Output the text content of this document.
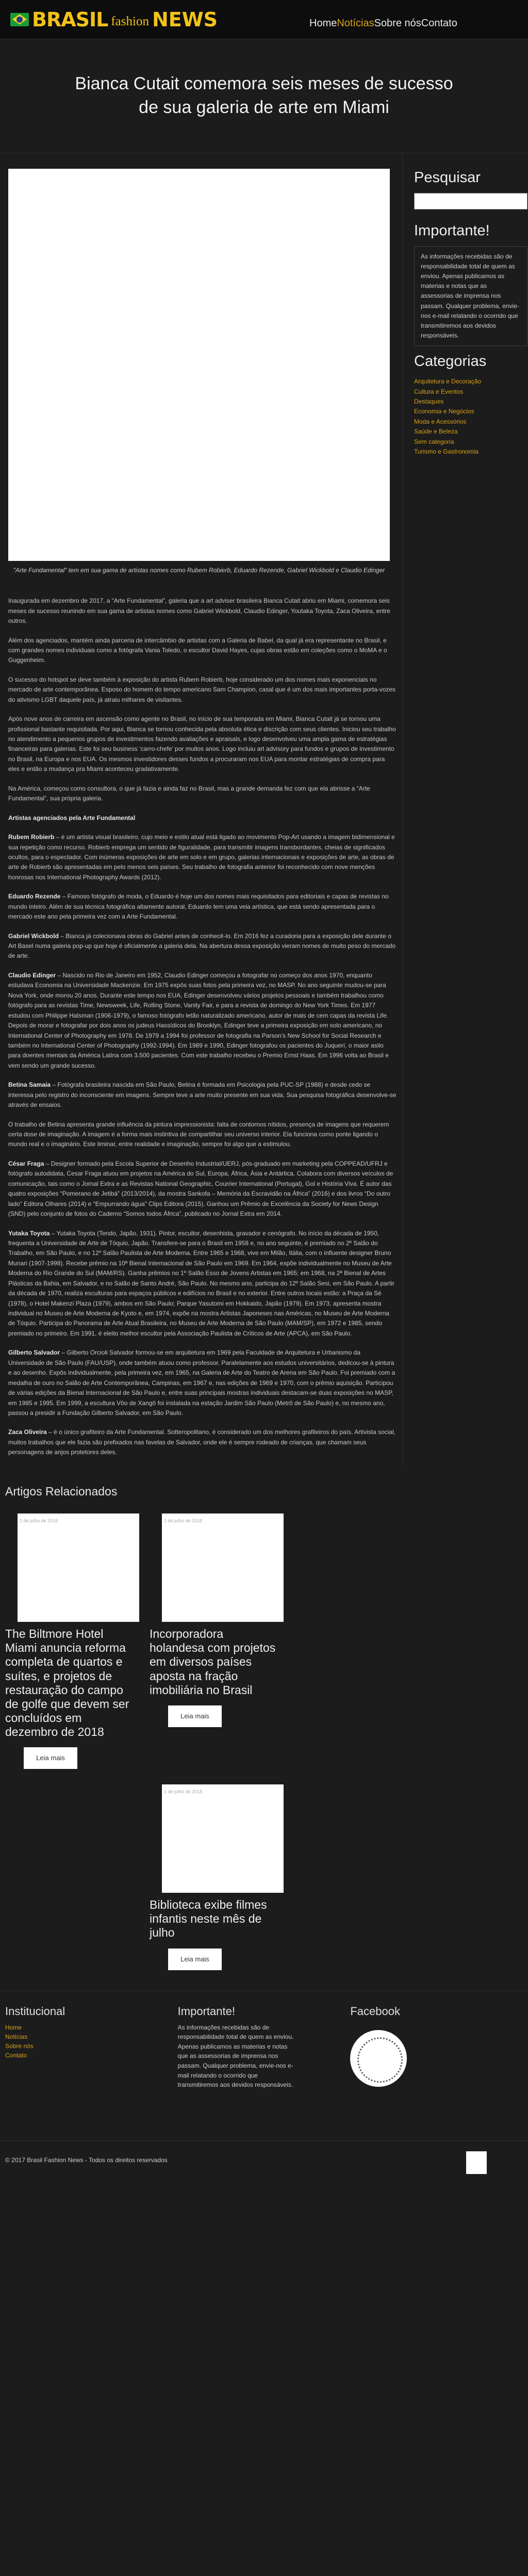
BRASIL fashion NEWS	Home Notícias Sobre nós Contato
Bianca Cutait comemora seis meses de sucesso de sua galeria de arte em Miami

"Arte Fundamental" tem em sua gama de artistas nomes como Rubem Robierb, Eduardo Rezende, Gabriel Wickbold e Claudio Edinger

Inaugurada em dezembro de 2017, a “Arte Fundamental”, galeria que a art adviser brasileira Bianca Cutait abriu em Miami, comemora seis meses de sucesso reunindo em sua gama de artistas nomes como Gabriel Wickbold, Claudio Edinger, Youtaka Toyota, Zaca Oliveira, entre outros.

Além dos agenciados, mantém ainda parceria de intercâmbio de artistas com a Galeria de Babel, da qual já era representante no Brasil, e com grandes nomes individuais como a fotógrafa Vania Toledo, o escultor David Hayes, cujas obras estão em coleções como o MoMA e o Guggenheim.

O sucesso do hotspot se deve também à exposição do artista Rubem Robierb, hoje considerado um dos nomes mais exponenciais no mercado de arte contemporânea. Esposo do homem do tempo americano Sam Champion, casal que é um dos mais importantes porta-vozes do ativismo LGBT daquele país, já atraiu milhares de visitantes.

Após nove anos de carreira em ascensão como agente no Brasil, no início de sua temporada em Miami, Bianca Cutait já se tornou uma profissional bastante requisitada. Por aqui, Bianca se tornou conhecida pela absoluta ética e discrição com seus clientes. Iniciou seu trabalho no atendimento a pequenos grupos de investimentos fazendo avaliações e apraisals, e logo desenvolveu uma ampla gama de estratégias financeiras para galerias. Este foi seu business ‘carro-chefe’ por muitos anos. Logo incluiu art advisory para fundos e grupos de investimento no Brasil, na Europa e nos EUA. Os mesmos investidores desses fundos a procuraram nos EUA para montar estratégias de compra para eles e então a mudança pra Miami aconteceu gradativamente.

Na América, começou como consultora, o que já fazia e ainda faz no Brasil, mas a grande demanda fez com que ela abrisse a “Arte Fundamental”, sua própria galeria.

Artistas agenciados pela Arte Fundamental

Rubem Robierb – é um artista visual brasileiro, cujo meio e estilo atual está ligado ao movimento Pop-Art usando a imagem bidimensional e sua repetição como recurso. Robierb emprega um sentido de figuralidade, para transmitir imagens transbordantes, cheias de significados ocultos, para o espectador. Com inúmeras exposições de arte em solo e em grupo, galerias internacionais e exposições de arte, as obras de arte de Robierb são apresentadas em pelo menos seis países. Seu trabalho de fotografia anterior foi reconhecido com nove menções honrosas nos International Photography Awards (2012).

Eduardo Rezende – Famoso fotógrafo de moda, o Eduardo é hoje um dos nomes mais requisitados para editoriais e capas de revistas no mundo inteiro. Além de sua técnica fotográfica altamente autoral, Eduardo tem uma veia artística, que está sendo apresentada para o mercado este ano pela primeira vez com a Arte Fundamental.

Gabriel Wickbold – Bianca já colecionava obras do Gabriel antes de conhecê-lo. Em 2016 fez a curadoria para a exposição dele durante o Art Basel numa galeria pop-up que hoje é oficialmente a galeria dela. Na abertura dessa exposição vieram nomes de muito peso do mercado de arte.

Claudio Edinger – Nascido no Rio de Janeiro em 1952, Claudio Edinger começou a fotografar no começo dos anos 1970, enquanto estudava Economia na Universidade Mackenzie. Em 1975 expôs suas fotos pela primeira vez, no MASP. No ano seguinte mudou-se para Nova York, onde morou 20 anos. Durante este tempo nos EUA, Edinger desenvolveu vários projetos pessoais e também trabalhou como fotógrafo para as revistas Time, Newsweek, Life, Rolling Stone, Vanity Fair, e para a revista de domingo do New York Times. Em 1977 estudou com Philippe Halsman (1906-1979), o famoso fotógrafo letão naturalizado americano, autor de mais de cem capas da revista Life. Depois de morar e fotografar por dois anos os judeus Hassídicos do Brooklyn, Edinger teve a primeira exposição em solo americano, no International Center of Photography em 1978. De 1979 a 1994 foi professor de fotografia na Parson’s New School for Social Research e também no International Center of Photography (1992-1994). Em 1989 e 1990, Edinger fotografou os pacientes do Juquerí, o maior asilo para doentes mentais da América Latina com 3.500 pacientes. Com este trabalho recebeu o Premio Ernst Haas. Em 1996 volta ao Brasil e vem sendo um grande sucesso.

Betina Samaia – Fotógrafa brasileira nascida em São Paulo, Betina é formada em Psicologia pela PUC-SP (1988) e desde cedo se interessa pelo registro do inconsciente em imagens. Sempre teve a arte muito presente em sua vida. Sua pesquisa fotográfica desenvolve-se através de ensaios.

O trabalho de Betina apresenta grande influência da pintura impressionista: falta de contornos nítidos, presença de imagens que requerem certa dose de imaginação. A imagem é a forma mais instintiva de compartilhar seu universo interior. Ela funciona como ponte ligando o mundo real e o imaginário. Este liminar, entre realidade e imaginação, sempre foi algo que a estimulou.

César Fraga – Designer formado pela Escola Superior de Desenho Industrial/UERJ, pós-graduado em marketing pela COPPEAD/UFRJ e fotógrafo autodidata, Cesar Fraga atuou em projetos na América do Sul, Europa, África, Ásia e Antártica. Colabora com diversos veículos de comunicação, tais como o Jornal Extra e as Revistas National Geographic, Courrier International (Portugal), Gol e História Viva. É autor das quatro exposições “Pomerano de Jetibá” (2013/2014), da mostra Sankofa – Memória da Escravidão na África” (2016) e dos livros “Do outro lado” Editora Olhares (2014) e “Empurrando água” Clips Editora (2015). Ganhou um Prêmio de Excelência da Society for News Design (SND) pelo conjunto de fotos do Caderno “Somos todos África”, publicado no Jornal Extra em 2014.

Yutaka Toyota – Yutaka Toyota (Tendo, Japão, 1931). Pintor, escultor, desenhista, gravador e cenógrafo. No início da década de 1950, frequenta a Universidade de Arte de Tóquio, Japão. Transfere-se para o Brasil em 1958 e, no ano seguinte, é premiado no 2º Salão do Trabalho, em São Paulo, e no 12º Salão Paulista de Arte Moderna. Entre 1965 e 1968, vive em Milão, Itália, com o influente designer Bruno Munari (1907-1998). Recebe prêmio na 10ª Bienal Internacional de São Paulo em 1969. Em 1964, expõe individualmente no Museu de Arte Moderna do Rio Grande do Sul (MAM/RS). Ganha prêmios no 1º Salão Esso de Jovens Artistas em 1965; em 1968, na 2ª Bienal de Artes Plásticas da Bahia, em Salvador, e no Salão de Santo André, São Paulo. No mesmo ano, participa do 12º Salão Sesi, em São Paulo. A partir da década de 1970, realiza esculturas para espaços públicos e edifícios no Brasil e no exterior. Entre outros locais estão: a Praça da Sé (1978), o Hotel Makenzi Plaza (1979), ambos em São Paulo; Parque Yasutomi em Hokkaido, Japão (1979). Em 1973, apresenta mostra individual no Museu de Arte Moderna de Kyoto e, em 1974, expõe na mostra Artistas Japoneses nas Américas, no Museu de Arte Moderna de Tóquio. Participa do Panorama de Arte Atual Brasileira, no Museu de Arte Moderna de São Paulo (MAM/SP), em 1972 e 1985, sendo premiado no primeiro. Em 1991, é eleito melhor escultor pela Associação Paulista de Críticos de Arte (APCA), em São Paulo.

Gilberto Salvador – Gilberto Orcioli Salvador formou-se em arquitetura em 1969 pela Faculdade de Arquitetura e Urbanismo da Universidade de São Paulo (FAU/USP), onde também atuou como professor. Paralelamente aos estudos universitários, dedicou-se à pintura e ao desenho. Expôs individualmente, pela primeira vez, em 1965, na Galeria de Arte do Teatro de Arena em São Paulo. Foi premiado com a medalha de ouro no Salão de Arte Contemporânea, Campinas, em 1967 e, nas edições de 1969 e 1970, com o prêmio aquisição. Participou de várias edições da Bienal Internacional de São Paulo e, entre suas principais mostras individuais destacam-se duas exposições no MASP, em 1985 e 1995. Em 1999, a escultura Vôo de Xangô foi instalada na estação Jardim São Paulo (Metrô de São Paulo) e, no mesmo ano, passou a presidir a Fundação Gilberto Salvador, em São Paulo.

Zaca Oliveira – é o único grafiteiro da Arte Fundamental. Sotteropolitano, é considerado um dos melhores grafiteiros do país. Artivista social, muitos trabalhos que ele fazia são prefixados nas favelas de Salvador, onde ele é sempre rodeado de crianças, que chamam seus personagens de anjos protetores deles.

Pesquisar
Importante!
As informações recebidas são de responsabilidade total de quem as enviou. Apenas publicamos as materias e notas que as assessorias de imprensa nos passam. Qualquer problema, envie-nos e-mail relatando o ocorrido que transmitiremos aos devidos responsáveis.
Categorias
Arquitetura e Decoração
Cultura e Eventos
Destaques
Economia e Negócios
Moda e Acessórios
Saúde e Beleza
Sem categoria
Turismo e Gastronomia
Artigos Relacionados
1 de julho de 2018
The Biltmore Hotel Miami anuncia reforma completa de quartos e suítes, e projetos de restauração do campo de golfe que devem ser concluídos em dezembro de 2018
Leia mais
1 de julho de 2018
Incorporadora holandesa com projetos em diversos países aposta na fração imobiliária no Brasil
Leia mais
1 de julho de 2018
Biblioteca exibe filmes infantis neste mês de julho
Leia mais
Institucional
Home
Notícias
Sobre nós
Contato
Importante!

As informações recebidas são de responsabilidade total de quem as enviou. Apenas publicamos as materias e notas que as assessorias de imprensa nos passam. Qualquer problema, envie-nos e-mail relatando o ocorrido que transmitiremos aos devidos responsáveis.

Facebook
© 2017 Brasil Fashion News - Todos os direitos reservados
